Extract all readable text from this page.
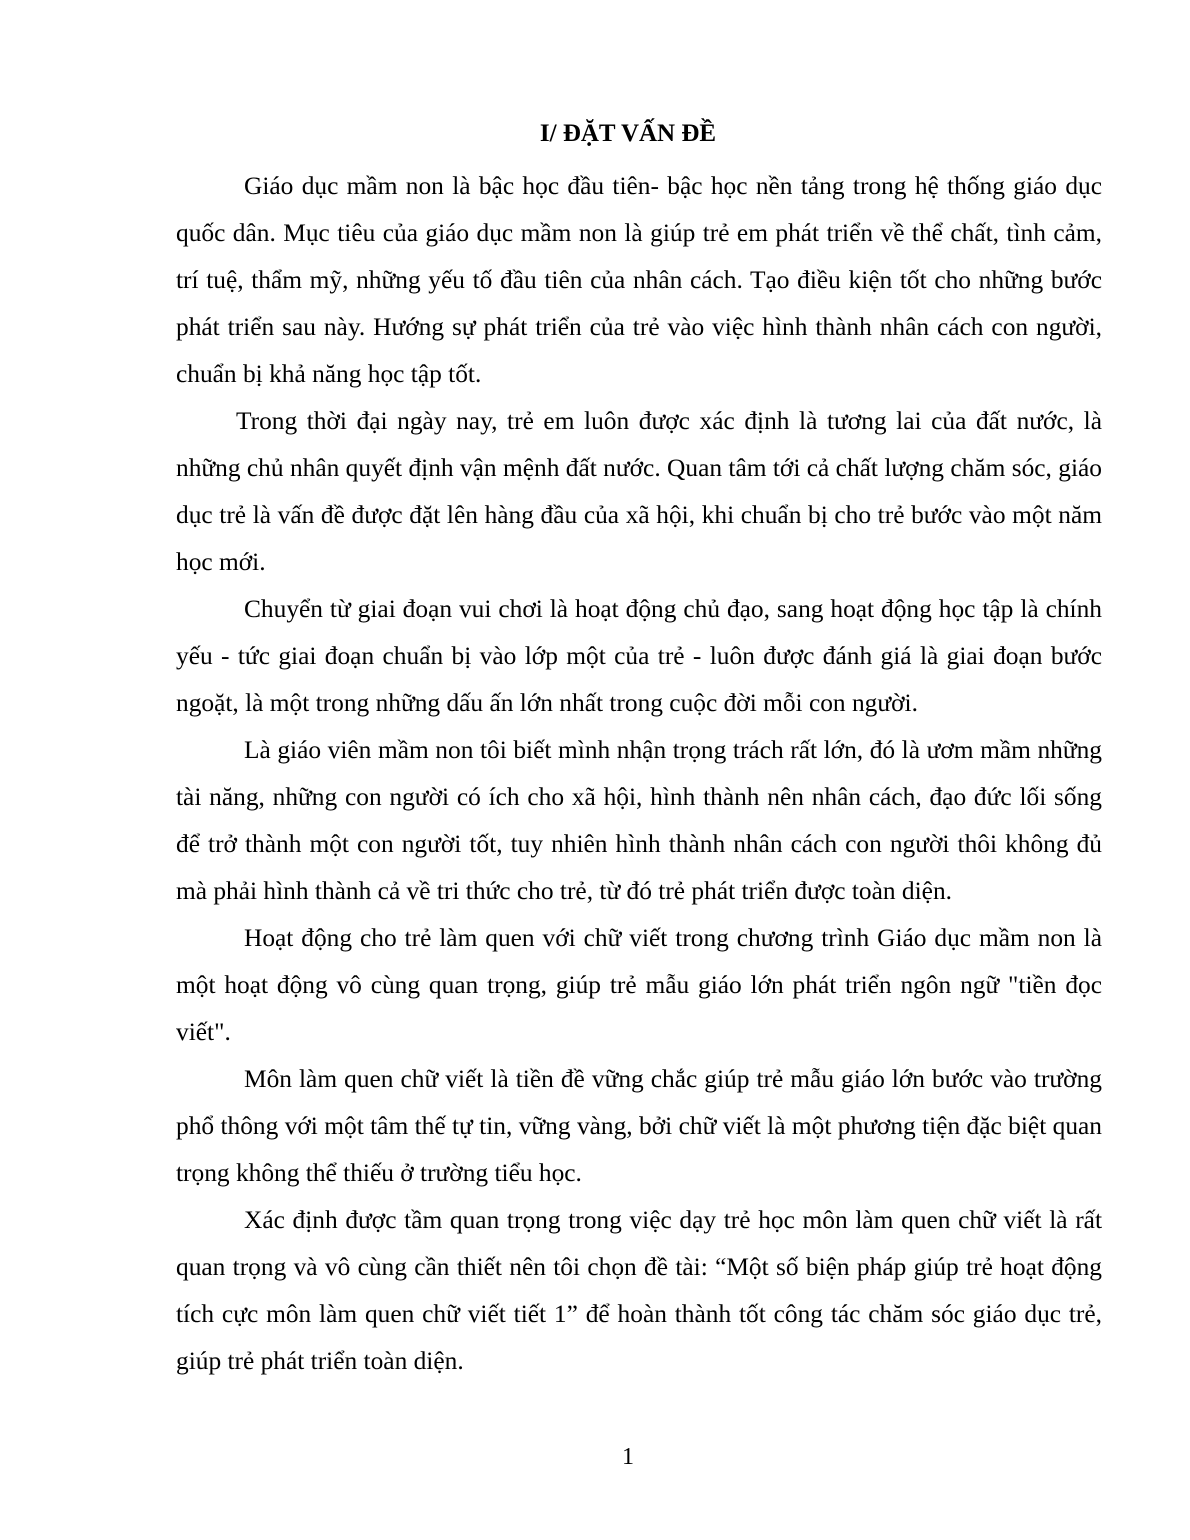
I/ ĐẶT VẤN ĐỀ

Giáo dục mầm non là bậc học đầu tiên- bậc học nền tảng trong hệ thống giáo dục quốc dân. Mục tiêu của giáo dục mầm non là giúp trẻ em phát triển về thể chất, tình cảm, trí tuệ, thẩm mỹ, những yếu tố đầu tiên của nhân cách. Tạo điều kiện tốt cho những bước phát triển sau này. Hướng sự phát triển của trẻ vào việc hình thành nhân cách con người, chuẩn bị khả năng học tập tốt.

Trong thời đại ngày nay, trẻ em luôn được xác định là tương lai của đất nước, là những chủ nhân quyết định vận mệnh đất nước. Quan tâm tới cả chất lượng chăm sóc, giáo dục trẻ là vấn đề được đặt lên hàng đầu của xã hội, khi chuẩn bị cho trẻ bước vào một năm học mới.

Chuyển từ giai đoạn vui chơi là hoạt động chủ đạo, sang hoạt động học tập là chính yếu - tức giai đoạn chuẩn bị vào lớp một của trẻ - luôn được đánh giá là giai đoạn bước ngoặt, là một trong những dấu ấn lớn nhất trong cuộc đời mỗi con người.

Là giáo viên mầm non tôi biết mình nhận trọng trách rất lớn, đó là ươm mầm những tài năng, những con người có ích cho xã hội, hình thành nên nhân cách, đạo đức lối sống để trở thành một con người tốt, tuy nhiên hình thành nhân cách con người thôi không đủ mà phải hình thành cả về tri thức cho trẻ, từ đó trẻ phát triển được toàn diện.

Hoạt động cho trẻ làm quen với chữ viết trong chương trình Giáo dục mầm non là một hoạt động vô cùng quan trọng, giúp trẻ mẫu giáo lớn phát triển ngôn ngữ "tiền đọc viết".

Môn làm quen chữ viết là tiền đề vững chắc giúp trẻ mẫu giáo lớn bước vào trường phổ thông với một tâm thế tự tin, vững vàng, bởi chữ viết là một phương tiện đặc biệt quan trọng không thể thiếu ở trường tiểu học.

Xác định được tầm quan trọng trong việc dạy trẻ học môn làm quen chữ viết là rất quan trọng và vô cùng cần thiết nên tôi chọn đề tài: “Một số biện pháp giúp trẻ hoạt động tích cực môn làm quen chữ viết tiết 1” để hoàn thành tốt công tác chăm sóc giáo dục trẻ, giúp trẻ phát triển toàn diện.

1
